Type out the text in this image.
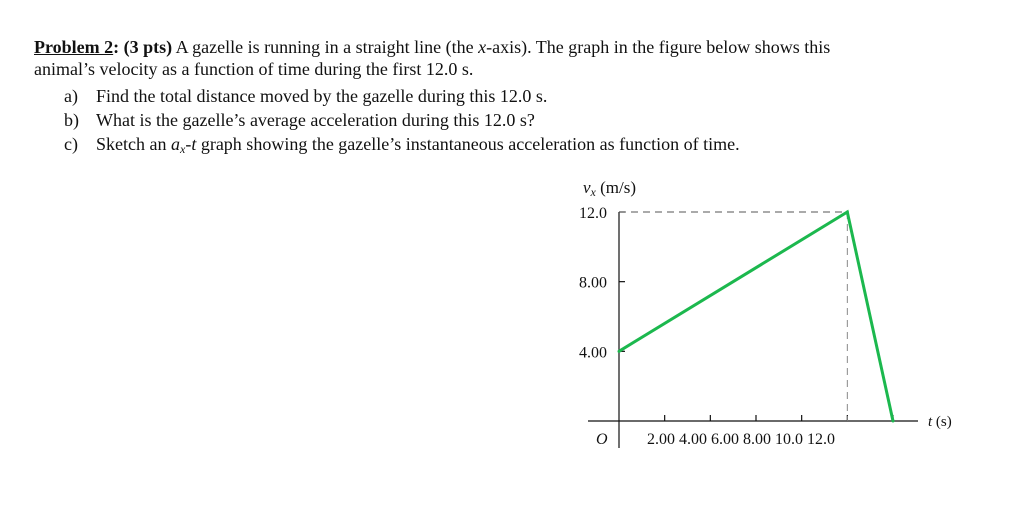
Problem 2: (3 pts) A gazelle is running in a straight line (the x-axis). The graph in the figure below shows this
animal’s velocity as a function of time during the first 12.0 s.
a) Find the total distance moved by the gazelle during this 12.0 s.
b) What is the gazelle’s average acceleration during this 12.0 s?
c) Sketch an $a_x-t$ graph showing the gazelle’s instantaneous acceleration as function of time.
vx (m/s)
t (s)
O 2.00 4.00 6.00 8.00 10.0 12.0
4.00
8.00
12.0
